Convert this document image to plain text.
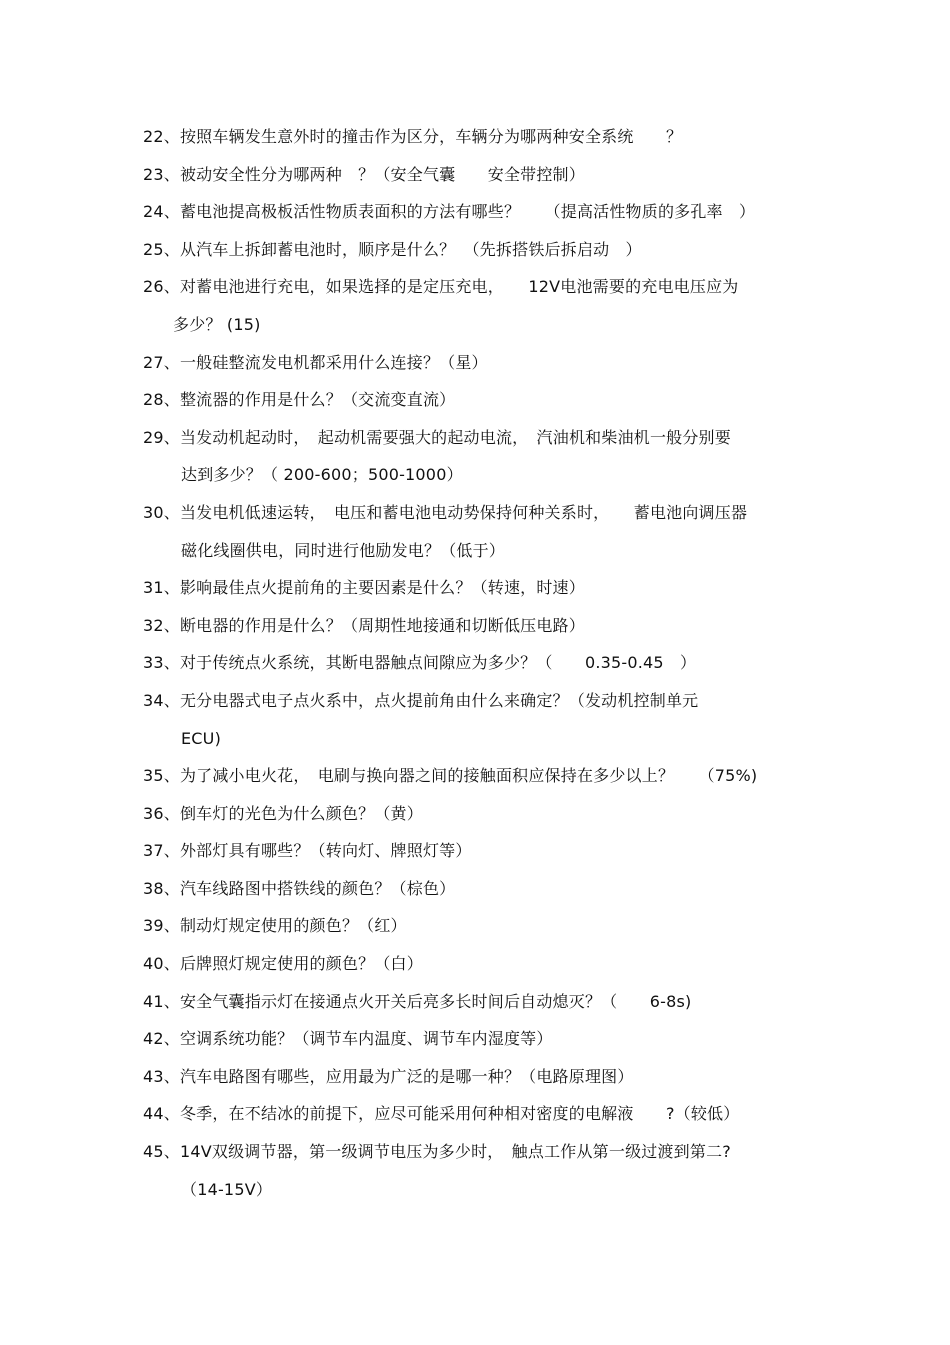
22、按照车辆发生意外时的撞击作为区分，车辆分为哪两种安全系统　　？
23、被动安全性分为哪两种　？（安全气囊　　安全带控制）
24、蓄电池提高极板活性物质表面积的方法有哪些？　　（提高活性物质的多孔率　）
25、从汽车上拆卸蓄电池时，顺序是什么？　（先拆搭铁后拆启动　）
26、对蓄电池进行充电，如果选择的是定压充电，　　12V电池需要的充电电压应为
多少？ (15)
27、一般硅整流发电机都采用什么连接？（星）
28、整流器的作用是什么？（交流变直流）
29、当发动机起动时，　起动机需要强大的起动电流，　汽油机和柴油机一般分别要
达到多少？（ 200-600；500-1000）
30、当发电机低速运转，　电压和蓄电池电动势保持何种关系时，　　蓄电池向调压器
磁化线圈供电，同时进行他励发电？（低于）
31、影响最佳点火提前角的主要因素是什么？（转速，时速）
32、断电器的作用是什么？（周期性地接通和切断低压电路）
33、对于传统点火系统，其断电器触点间隙应为多少？（　　0.35-0.45　）
34、无分电器式电子点火系中，点火提前角由什么来确定？（发动机控制单元
ECU)
35、为了减小电火花，　电刷与换向器之间的接触面积应保持在多少以上？　　（75%)
36、倒车灯的光色为什么颜色？（黄）
37、外部灯具有哪些？（转向灯、牌照灯等）
38、汽车线路图中搭铁线的颜色？（棕色）
39、制动灯规定使用的颜色？（红）
40、后牌照灯规定使用的颜色？（白）
41、安全气囊指示灯在接通点火开关后亮多长时间后自动熄灭？（　　6-8s)
42、空调系统功能？（调节车内温度、调节车内湿度等）
43、汽车电路图有哪些，应用最为广泛的是哪一种？（电路原理图）
44、冬季，在不结冰的前提下，应尽可能采用何种相对密度的电解液　　?（较低）
45、14V双级调节器，第一级调节电压为多少时，　触点工作从第一级过渡到第二?
（14-15V）
